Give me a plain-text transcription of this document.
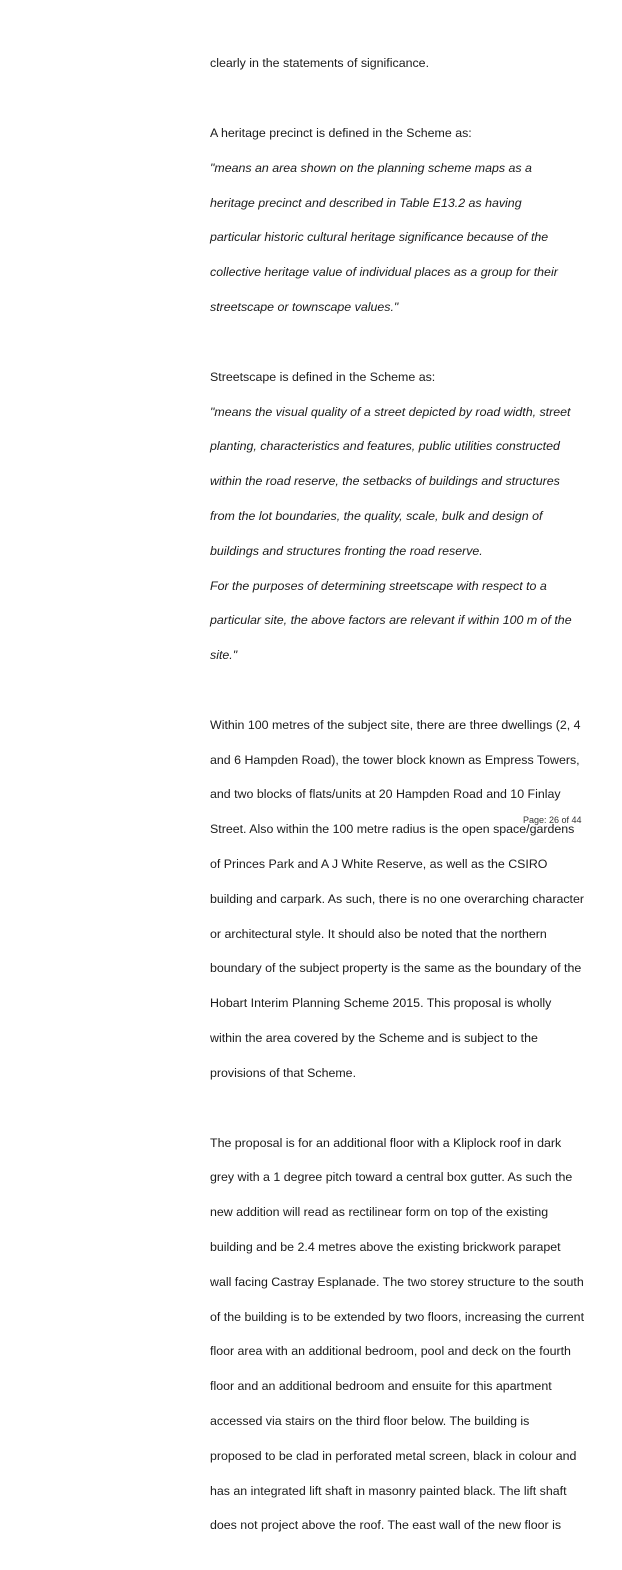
clearly in the statements of significance.

A heritage precinct is defined in the Scheme as:

"means an area shown on the planning scheme maps as a

heritage precinct and described in Table E13.2 as having

particular historic cultural heritage significance because of the

collective heritage value of individual places as a group for their

streetscape or townscape values."

Streetscape is defined in the Scheme as:

"means the visual quality of a street depicted by road width, street

planting, characteristics and features, public utilities constructed

within the road reserve, the setbacks of buildings and structures

from the lot boundaries, the quality, scale, bulk and design of

buildings and structures fronting the road reserve.

For the purposes of determining streetscape with respect to a

particular site, the above factors are relevant if within 100 m of the

site."

Within 100 metres of the subject site, there are three dwellings (2, 4

and 6 Hampden Road), the tower block known as Empress Towers,

and two blocks of flats/units at 20 Hampden Road and 10 Finlay

Street. Also within the 100 metre radius is the open space/gardens

of Princes Park and A J White Reserve, as well as the CSIRO

building and carpark. As such, there is no one overarching character

or architectural style. It should also be noted that the northern

boundary of the subject property is the same as the boundary of the

Hobart Interim Planning Scheme 2015. This proposal is wholly

within the area covered by the Scheme and is subject to the

provisions of that Scheme.

The proposal is for an additional floor with a Kliplock roof in dark

grey with a 1 degree pitch toward a central box gutter. As such the

new addition will read as rectilinear form on top of the existing

building and be 2.4 metres above the existing brickwork parapet

wall facing Castray Esplanade. The two storey structure to the south

of the building is to be extended by two floors, increasing the current

floor area with an additional bedroom, pool and deck on the fourth

floor and an additional bedroom and ensuite for this apartment

accessed via stairs on the third floor below. The building is

proposed to be clad in perforated metal screen, black in colour and

has an integrated lift shaft in masonry painted black. The lift shaft

does not project above the roof. The east wall of the new floor is

Page: 26 of 44
